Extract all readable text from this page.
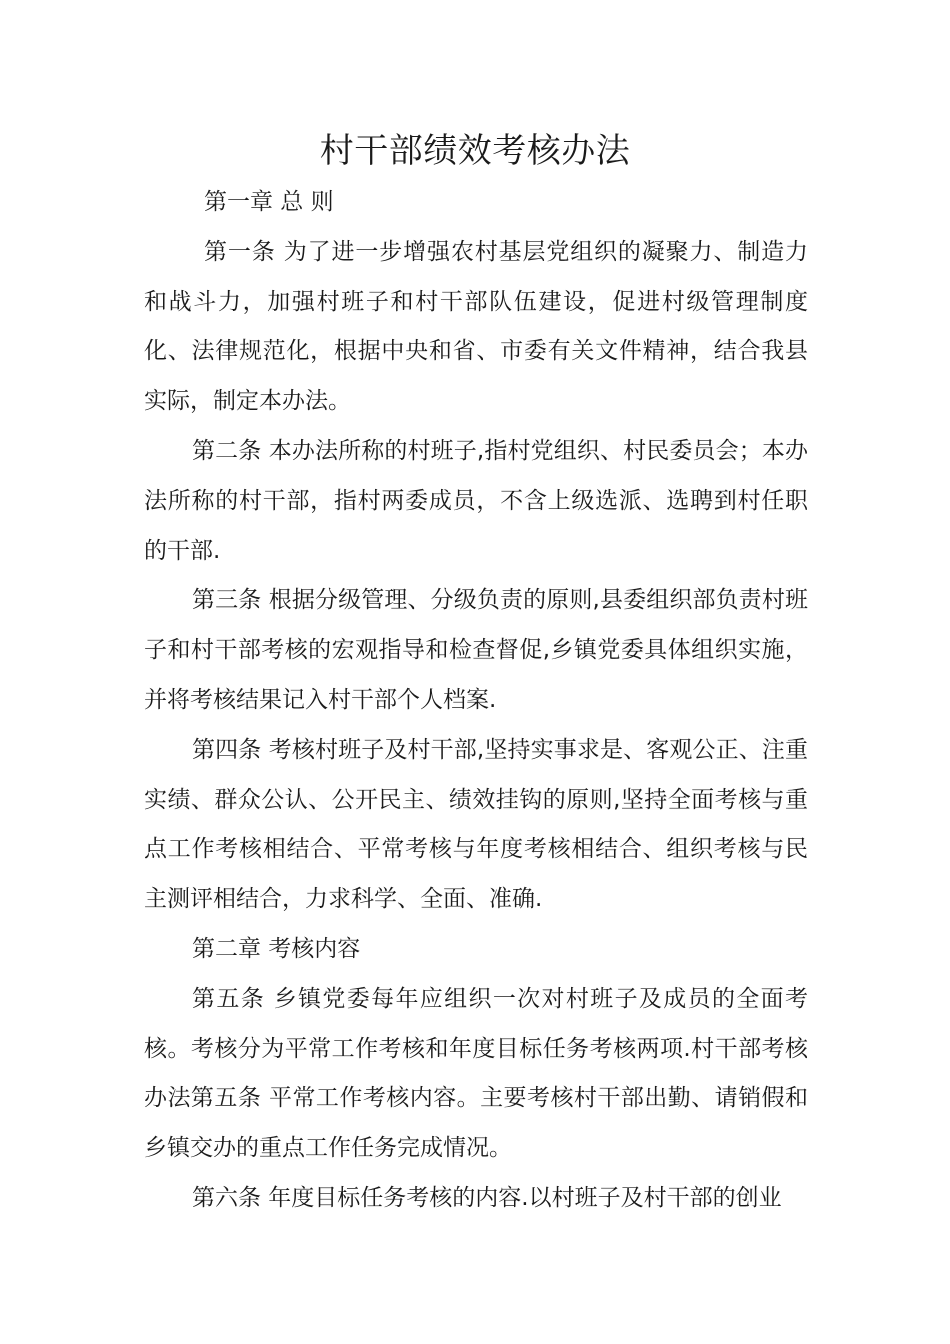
村干部绩效考核办法

第一章 总 则

第一条 为了进一步增强农村基层党组织的凝聚力、制造力和战斗力，加强村班子和村干部队伍建设，促进村级管理制度化、法律规范化，根据中央和省、市委有关文件精神，结合我县实际，制定本办法。

第二条 本办法所称的村班子,指村党组织、村民委员会；本办法所称的村干部，指村两委成员，不含上级选派、选聘到村任职的干部.

第三条 根据分级管理、分级负责的原则,县委组织部负责村班子和村干部考核的宏观指导和检查督促,乡镇党委具体组织实施，并将考核结果记入村干部个人档案.

第四条 考核村班子及村干部,坚持实事求是、客观公正、注重实绩、群众公认、公开民主、绩效挂钩的原则,坚持全面考核与重点工作考核相结合、平常考核与年度考核相结合、组织考核与民主测评相结合，力求科学、全面、准确.

第二章 考核内容

第五条 乡镇党委每年应组织一次对村班子及成员的全面考核。考核分为平常工作考核和年度目标任务考核两项.村干部考核办法第五条 平常工作考核内容。主要考核村干部出勤、请销假和乡镇交办的重点工作任务完成情况。

第六条 年度目标任务考核的内容.以村班子及村干部的创业
